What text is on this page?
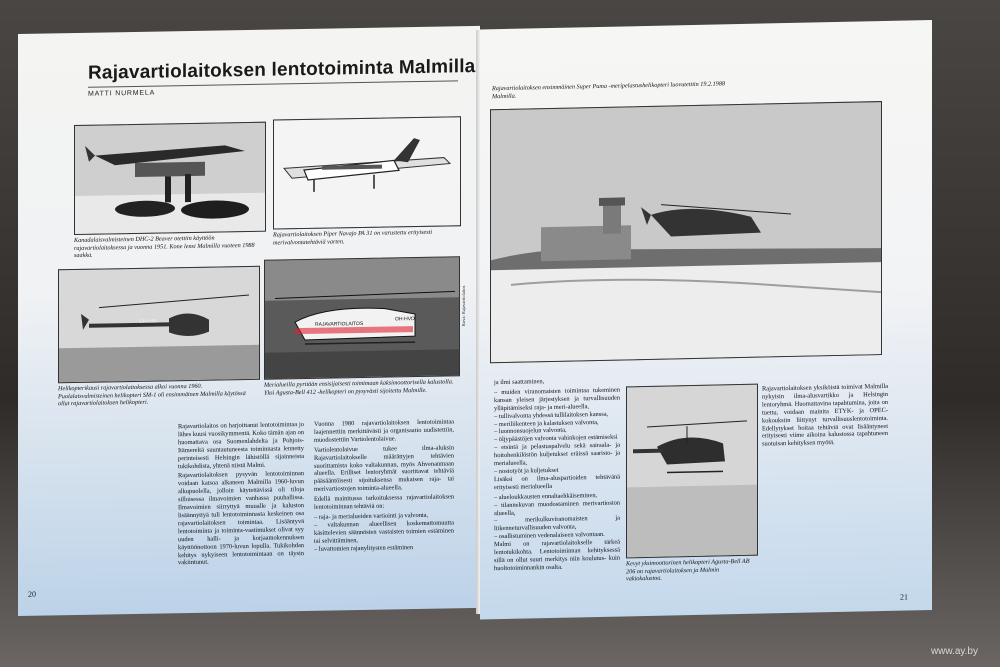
Rajavartiolaitoksen lentotoiminta Malmilla
MATTI NURMELA
Kanadalaisvalmisteinen DHC-2 Beaver otettiin käyttöön rajavartiolaitoksessa ja vuonna 1951. Kone lensi Malmilla vuoteen 1988 saakka.
Rajavartiolaitoksen Piper Navajo PA 31 on varustettu erityisesti merivalvontatehtäviä varten.
OH-HRI
Helikopterikausi rajavartiolaitoksessa alkoi vuonna 1960. Puolalaisvalmisteinen helikopteri SM-1 oli ensimmäinen Malmilla käytössä ollut rajavartiolaitoksen helikopteri.
RAJAVARTIOLAITOS
OH-HVD	Kuva: Rajavartiolaitos
Merialueilla pyritään ensisijaisesti toimimaan kaksimoottorisella kalustolla. Yksi Agusta-Bell 412 -helikopteri on pysyvästi sijoitettu Malmille.

Rajavartiolaitos on harjoittanut lentotoimintaa jo lähes kuusi vuosikymmentä. Koko tämän ajan on huomattava osa Suomenlahdelta ja Pohjois-Itämereltä suuntautuneesta toiminnasta lennetty perinteisesti Helsingin lähistöllä sijainneista tukikohdista, yhtenä niistä Malmi.

Rajavartiolaitoksen pysyvän lentotoiminnan voidaan katsoa alkaneen Malmilla 1960-luvun alkupuolella, jolloin käytettävissä oli tiloja silloisessa ilmavoimien vanhassa puuhallissa. Ilmavoimien siirryttyä muualle ja kaluston lisäännyttyä tuli lentotoiminnasta keskeinen osa rajavartiolaitoksen toimintaa. Lisääntyvä lentotoiminta ja toiminta-vaatimukset olivat syy uuden halli- ja korjaamokennuksen käyttöönottoon 1970-luvun lopulla. Tukikohdan kehitys nykyiseen lentotoimintaan on täysin vakiintunut.

Vuonna 1980 rajavartiolaitoksen lentotoimintaa laajennettiin merkittävästi ja organisaatio uudistettiin, muodostettiin Vartiolentolaivue.

Vartiolentolaivue tukee ilma-aluksin Rajavartiolaitokselle määrättyjen tehtävien suorittamista koko valtakunnan, myös Ahvenanmaan alueella. Erilliset lentoryhmät suorittavat tehtäviä pääsääntöisesti sijoituksensa mukaisen raja- tai merivartiostojen toiminta-alueella.

Edellä mainitussa tarkoituksessa rajavartiolaitoksen lentotoiminnan tehtäviä on:

– raja- ja merialueiden vartiointi ja valvonta,
– valtakunnan alueellisen koskemattomuutta käsittelevien säännösten vastaisten toimien estäminen tai selvittäminen,
– luvattomien rajanylitysten estäminen
20
Rajavartiolaitoksen ensimmäinen Super Puma -meripelastushelikopteri luovutettiin 19.2.1988 Malmilla.

ja ilmi saattaminen,

– muiden viranomaisten toimintaa tukeminen kansan yleisen järjestyksen ja turvallisuuden ylläpitämiseksi raja- ja meri-alueella,
– tullivalvonta yhdessä tullilaitoksen kanssa,
– meriliikenteen ja kalastuksen valvonta,
– luonnonsuojelun valvonta,
– öljypäästöjen valvonta vahinkojen estämiseksi
– etsintä ja pelastuspalvelu sekä sairaala- ja hoitohenkilöstön kuljetukset eräissä saaristo- ja merialueella,
– nostotyöt ja kuljetukset

Lisäksi on ilma-aluspartioiden tehtävänä erityisesti merialueella

– alueloukkausten ennaltaehkäiseminen,
– tilannekuvan muodostaminen merivartioston alueella,
– merikulkuviranomaisten ja liikenneturvallisuuden valvonta,
– osallistuminen vedenalaiseen valvontaan.

Malmi on rajavartiolaitokselle tärkeä lentotukikohta. Lentotoiminnan kehityksessä sillä on ollut suuri merkitys niin koulutus- kuin huoltotoiminnankin osalta.

Kevyt yksimoottorinen helikopteri Agusta-Bell AB 206 on rajavartiolaitoksen ja Malmin vakiokalustoa.

Rajavartiolaitoksen yksiköistä toimivat Malmilla nykyisin ilma-alusvartikko ja Helsingin lentoryhmä. Huomattavina tapahtumina, joita on tuettu, voidaan mainita ETYK- ja OPEC- kokouksiin liittynyt turvallisuuslentotoiminta. Edellytykset hoitaa tehtäviä ovat lisääntyneet erityisesti viime aikoina kalustossa tapahtuneen suotuisan kehityksen myötä.

21
www.ay.by
